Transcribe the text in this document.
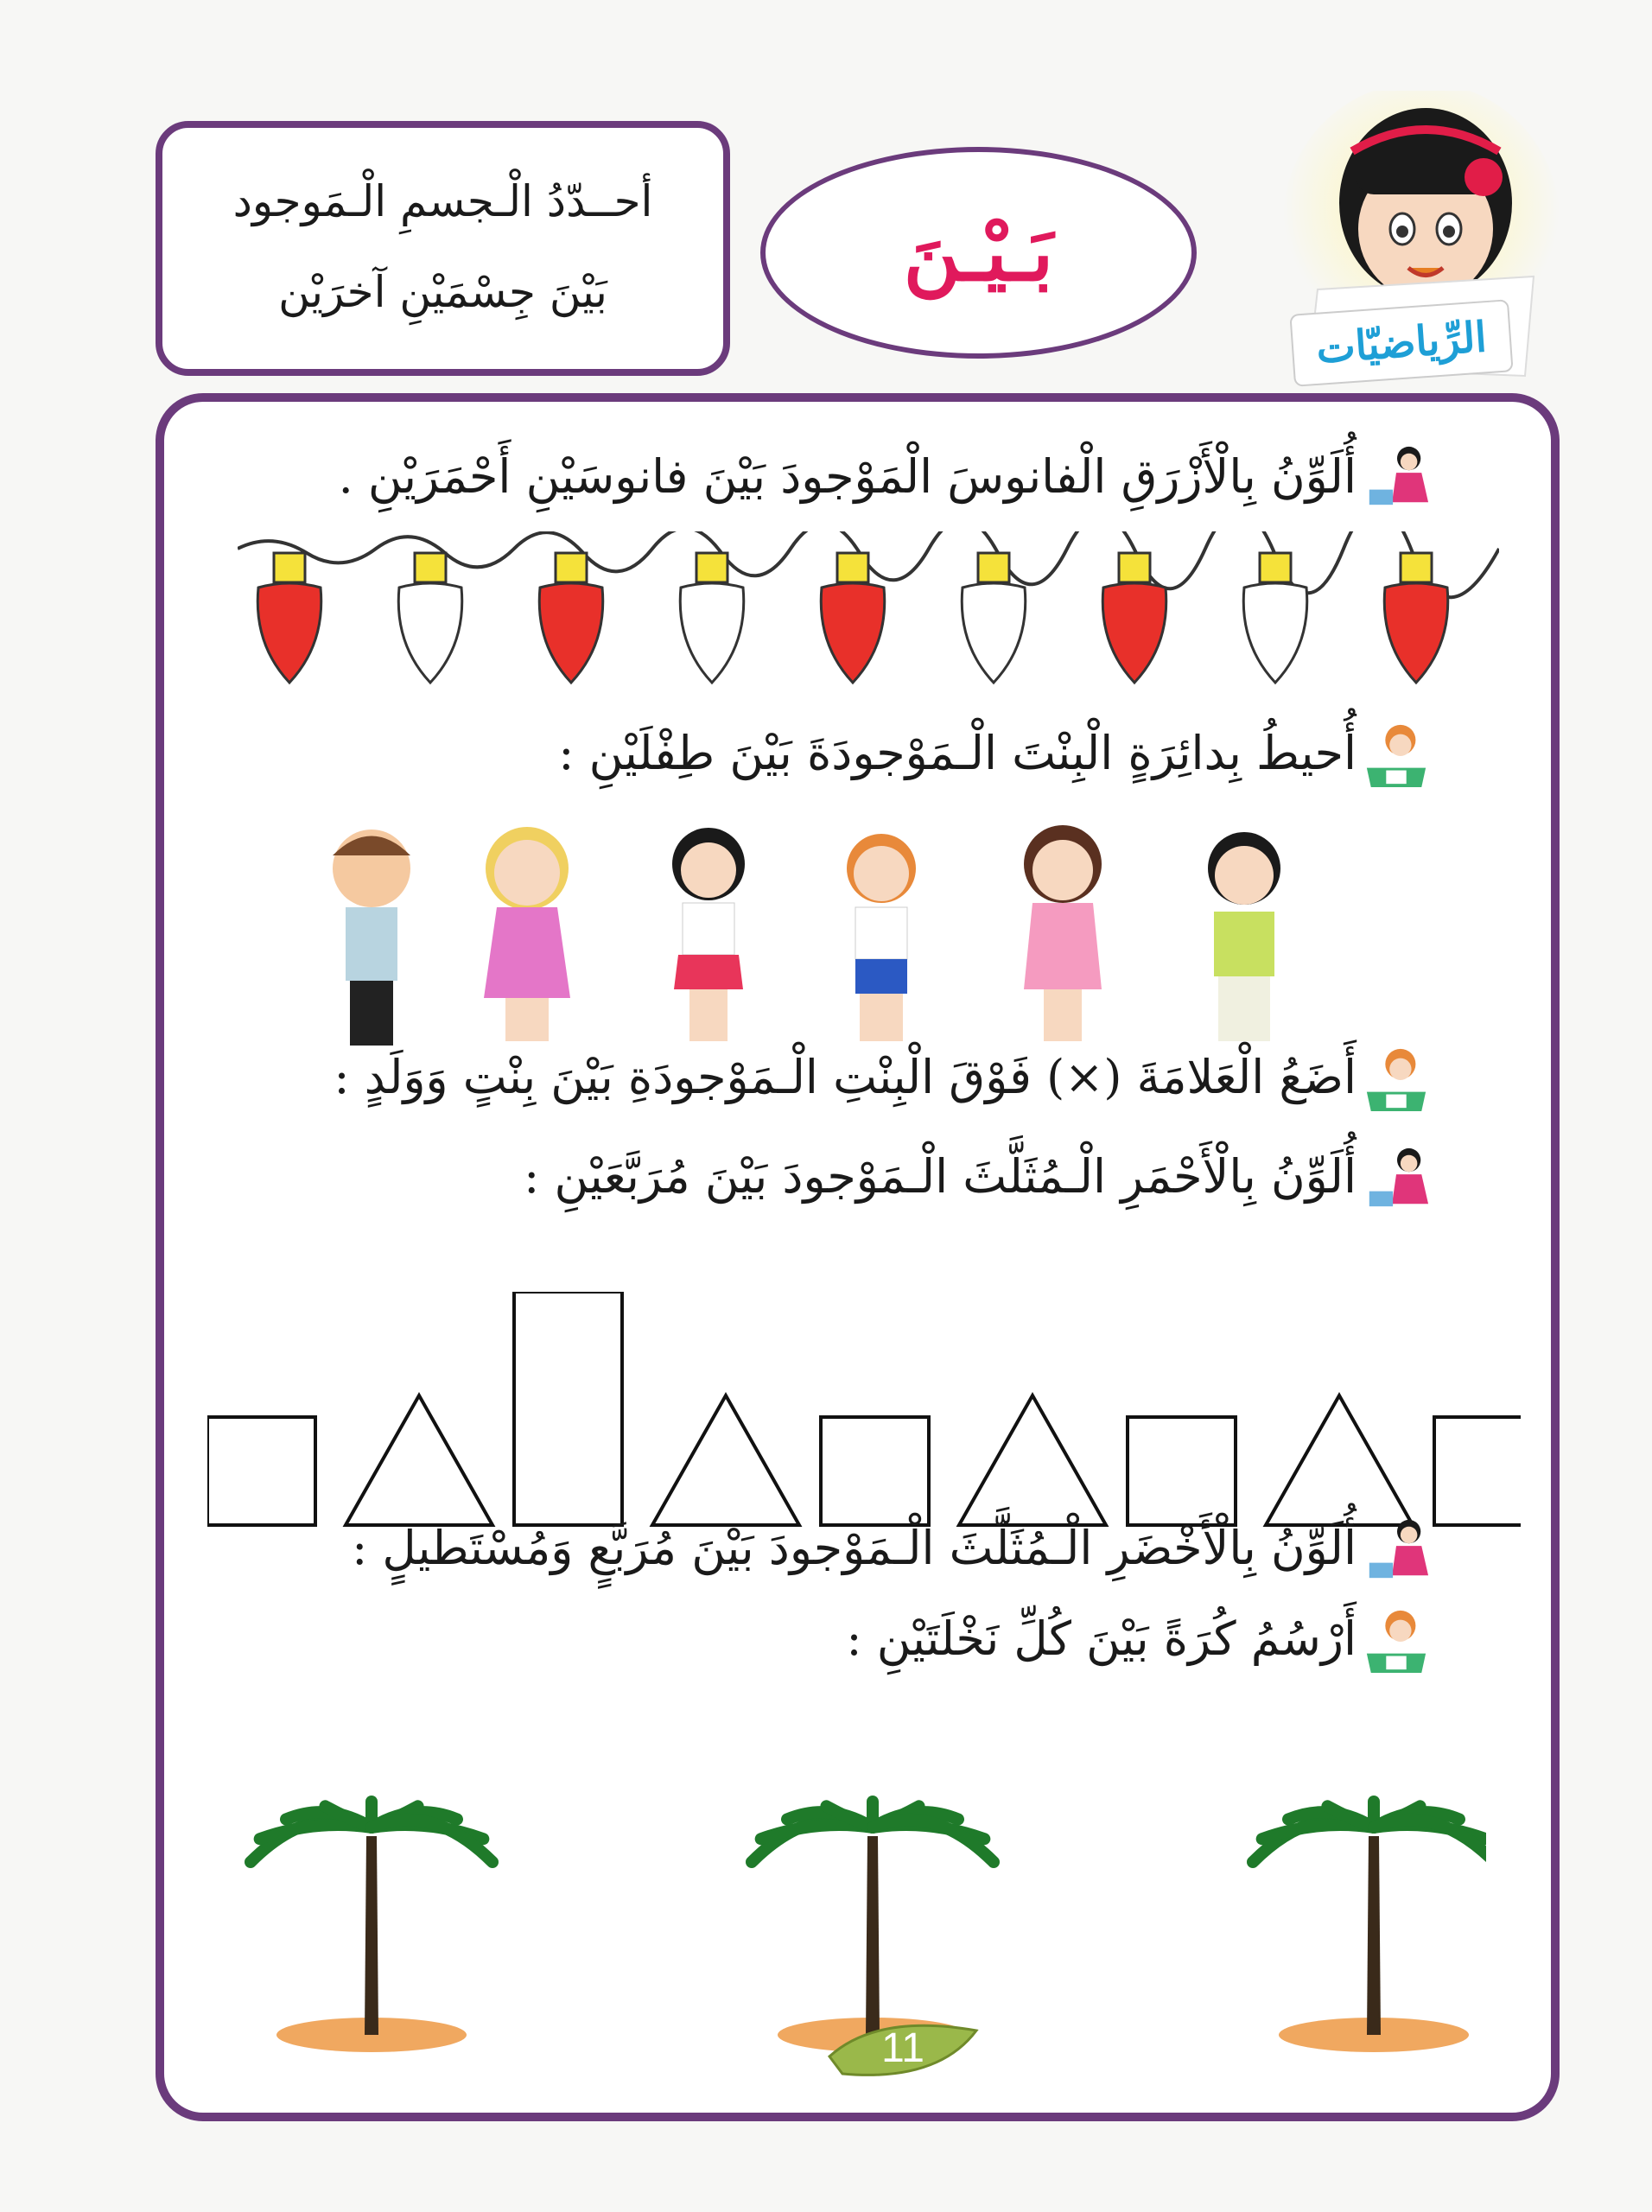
أحــدّدُ الْـجسمِ الْـمَوجود
بَيْنَ جِسْمَيْنِ آخرَيْن	بَـيْـنَ
الرِّياضيّات
أُلَوِّنُ بِالْأَزْرَقِ الْفانوسَ الْمَوْجودَ بَيْنَ فانوسَيْنِ أَحْمَرَيْنِ .
أُحيطُ بِدائِرَةٍ الْبِنْتَ الْـمَوْجودَةَ بَيْنَ طِفْلَيْنِ :
أَضَعُ الْعَلامَةَ (×) فَوْقَ الْبِنْتِ الْـمَوْجودَةِ بَيْنَ بِنْتٍ وَوَلَدٍ :
أُلَوِّنُ بِالْأَحْمَرِ الْـمُثَلَّثَ الْـمَوْجودَ بَيْنَ مُرَبَّعَيْنِ :
أُلَوِّنُ بِالْأَخْضَرِ الْـمُثَلَّثَ الْـمَوْجودَ بَيْنَ مُرَبَّعٍ وَمُسْتَطيلٍ :
أَرْسُمُ كُرَةً بَيْنَ كُلِّ نَخْلَتَيْنِ :
11
